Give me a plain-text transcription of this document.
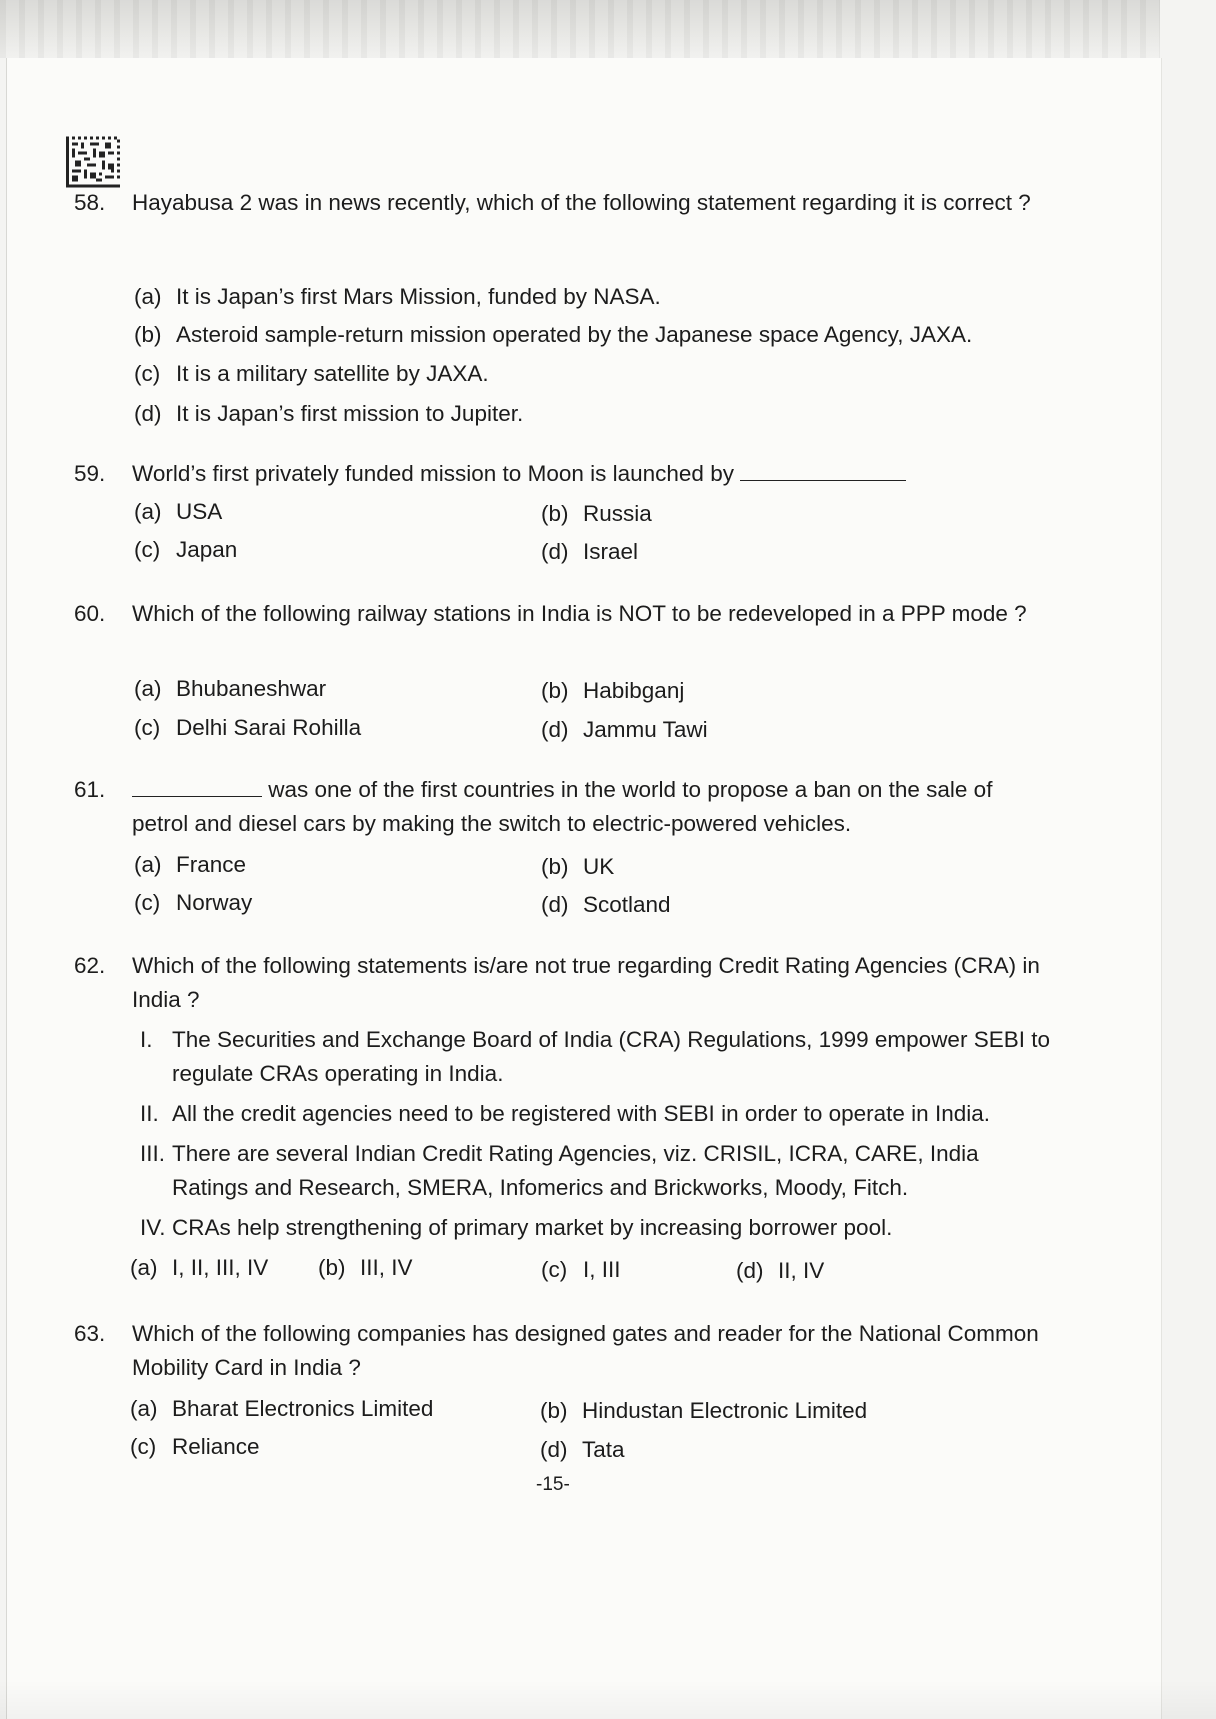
58. Hayabusa 2 was in news recently, which of the following statement regarding it is correct ?
(a) It is Japan’s first Mars Mission, funded by NASA.
(b) Asteroid sample-return mission operated by the Japanese space Agency, JAXA.
(c) It is a military satellite by JAXA.
(d) It is Japan’s first mission to Jupiter.
59. World’s first privately funded mission to Moon is launched by
(a) USA	(b) Russia
(c) Japan	(d) Israel
60. Which of the following railway stations in India is NOT to be redeveloped in a PPP mode ?
(a) Bhubaneshwar	(b) Habibganj
(c) Delhi Sarai Rohilla	(d) Jammu Tawi
61.	was one of the first countries in the world to propose a ban on the sale of petrol and diesel cars by making the switch to electric-powered vehicles.
(a) France	(b) UK
(c) Norway	(d) Scotland
62. Which of the following statements is/are not true regarding Credit Rating Agencies (CRA) in India ?
I. The Securities and Exchange Board of India (CRA) Regulations, 1999 empower SEBI to regulate CRAs operating in India.
II. All the credit agencies need to be registered with SEBI in order to operate in India.
III. There are several Indian Credit Rating Agencies, viz. CRISIL, ICRA, CARE, India Ratings and Research, SMERA, Infomerics and Brickworks, Moody, Fitch.
IV. CRAs help strengthening of primary market by increasing borrower pool.
(a) I, II, III, IV (b) III, IV	(c) I, III	(d) II, IV
63. Which of the following companies has designed gates and reader for the National Common Mobility Card in India ?
(a) Bharat Electronics Limited	(b) Hindustan Electronic Limited
(c) Reliance	(d) Tata
-15-
